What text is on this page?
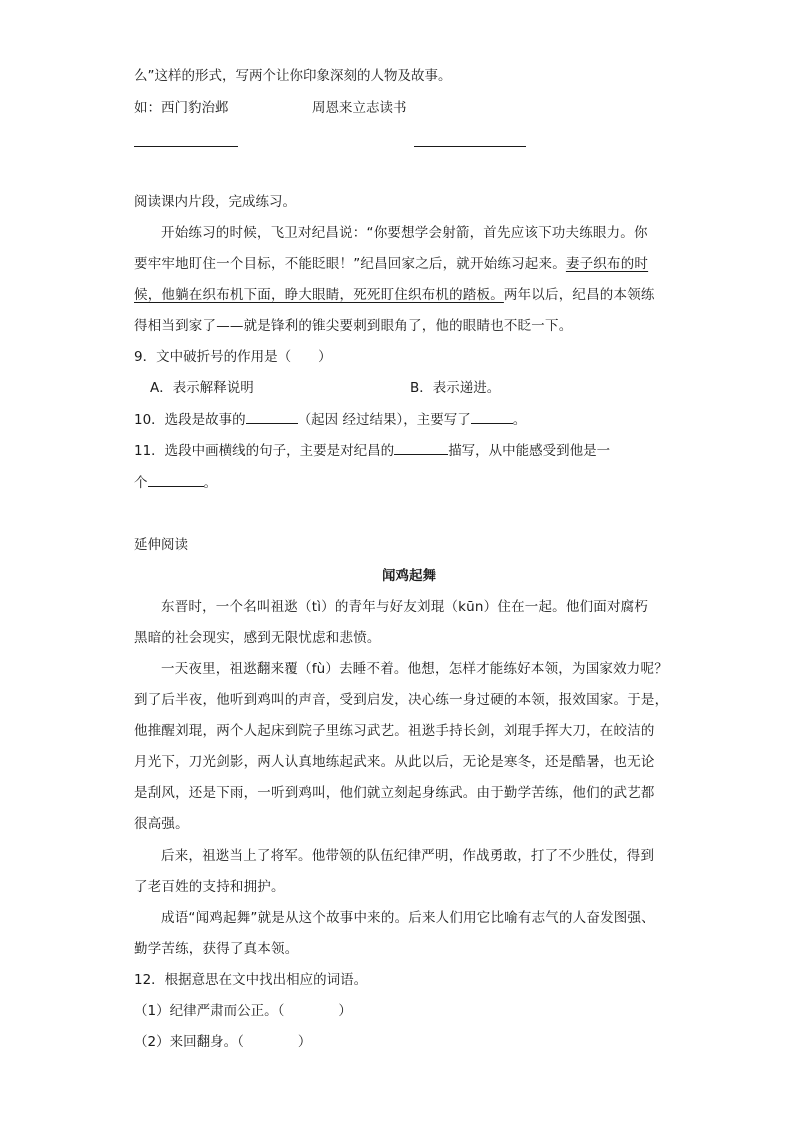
么”这样的形式，写两个让你印象深刻的人物及故事。
如：西门豹治邺	周恩来立志读书
阅读课内片段，完成练习。
开始练习的时候，飞卫对纪昌说：“你要想学会射箭，首先应该下功夫练眼力。你
要牢牢地盯住一个目标，不能眨眼！”纪昌回家之后，就开始练习起来。妻子织布的时
候，他躺在织布机下面，睁大眼睛，死死盯住织布机的踏板。两年以后，纪昌的本领练
得相当到家了——就是锋利的锥尖要刺到眼角了，他的眼睛也不眨一下。
9．文中破折号的作用是（　　）
A．表示解释说明	B．表示递进。
10．选段是故事的	（起因 经过结果），主要写了	。
11．选段中画横线的句子，主要是对纪昌的	描写，从中能感受到他是一
个	。
延伸阅读
闻鸡起舞
东晋时，一个名叫祖逖（tì）的青年与好友刘琨（kūn）住在一起。他们面对腐朽
黑暗的社会现实，感到无限忧虑和悲愤。
一天夜里，祖逖翻来覆（fù）去睡不着。他想，怎样才能练好本领，为国家效力呢？
到了后半夜，他听到鸡叫的声音，受到启发，决心练一身过硬的本领，报效国家。于是，
他推醒刘琨，两个人起床到院子里练习武艺。祖逖手持长剑，刘琨手挥大刀，在皎洁的
月光下，刀光剑影，两人认真地练起武来。从此以后，无论是寒冬，还是酷暑，也无论
是刮风，还是下雨，一听到鸡叫，他们就立刻起身练武。由于勤学苦练，他们的武艺都
很高强。
后来，祖逖当上了将军。他带领的队伍纪律严明，作战勇敢，打了不少胜仗，得到
了老百姓的支持和拥护。
成语“闻鸡起舞”就是从这个故事中来的。后来人们用它比喻有志气的人奋发图强、
勤学苦练，获得了真本领。
12．根据意思在文中找出相应的词语。
（1）纪律严肃而公正。（　　　　）
（2）来回翻身。（　　　　）
